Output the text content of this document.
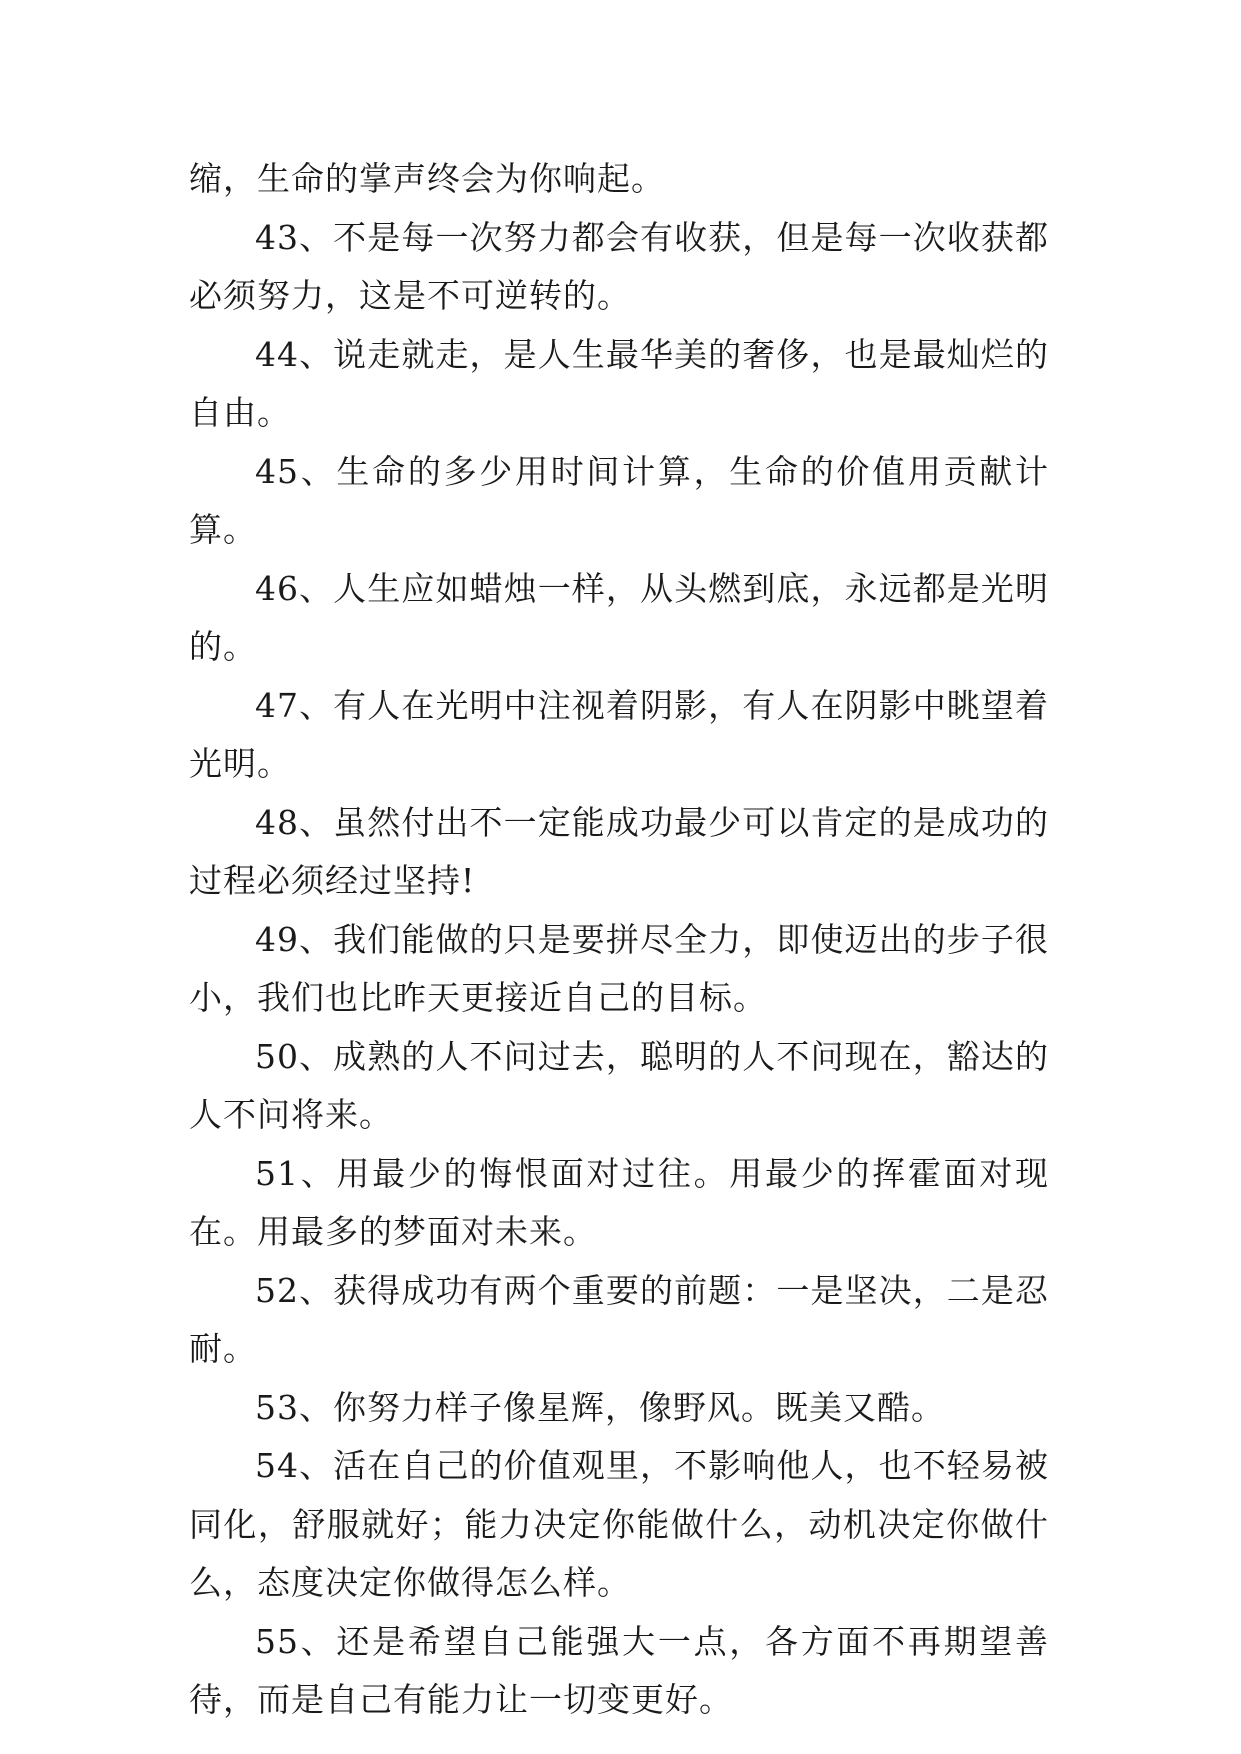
缩，生命的掌声终会为你响起。

43、不是每一次努力都会有收获，但是每一次收获都必须努力，这是不可逆转的。

44、说走就走，是人生最华美的奢侈，也是最灿烂的自由。

45、生命的多少用时间计算，生命的价值用贡献计算。

46、人生应如蜡烛一样，从头燃到底，永远都是光明的。

47、有人在光明中注视着阴影，有人在阴影中眺望着光明。

48、虽然付出不一定能成功最少可以肯定的是成功的过程必须经过坚持!

49、我们能做的只是要拼尽全力，即使迈出的步子很小，我们也比昨天更接近自己的目标。

50、成熟的人不问过去，聪明的人不问现在，豁达的人不问将来。

51、用最少的悔恨面对过往。用最少的挥霍面对现在。用最多的梦面对未来。

52、获得成功有两个重要的前题：一是坚决，二是忍耐。

53、你努力样子像星辉，像野风。既美又酷。

54、活在自己的价值观里，不影响他人，也不轻易被同化，舒服就好；能力决定你能做什么，动机决定你做什么，态度决定你做得怎么样。

55、还是希望自己能强大一点，各方面不再期望善待，而是自己有能力让一切变更好。
